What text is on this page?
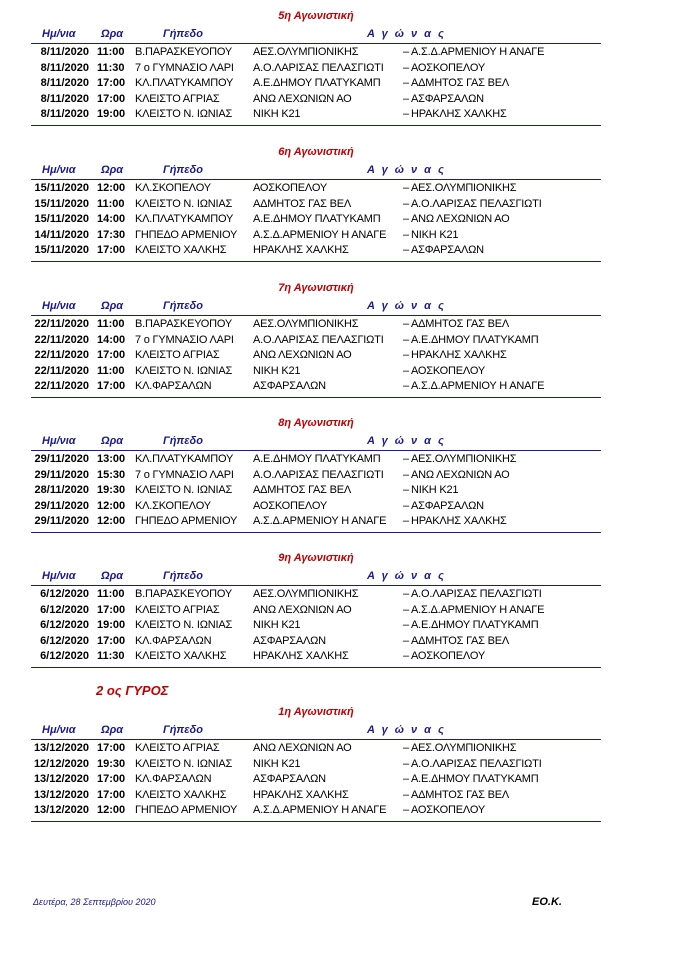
5η Αγωνιστική
Ημ/νια Ωρα	Γήπεδο	Α γ ώ ν α ς
8/11/2020 11:00 Β.ΠΑΡΑΣΚΕΥΟΠΟΥ	ΑΕΣ.ΟΛΥΜΠΙΟΝΙΚΗΣ	– Α.Σ.Δ.ΑΡΜΕΝΙΟΥ Η ΑΝΑΓΕ
8/11/2020 11:30 7 ο ΓΥΜΝΑΣΙΟ ΛΑΡΙ	Α.Ο.ΛΑΡΙΣΑΣ ΠΕΛΑΣΓΙΩΤΙ	– ΑΟΣΚΟΠΕΛΟΥ
8/11/2020 17:00 ΚΛ.ΠΛΑΤΥΚΑΜΠΟΥ	Α.Ε.ΔΗΜΟΥ ΠΛΑΤΥΚΑΜΠ	– ΑΔΜΗΤΟΣ ΓΑΣ ΒΕΛ
8/11/2020 17:00 ΚΛΕΙΣΤΟ ΑΓΡΙΑΣ	ΑΝΩ ΛΕΧΩΝΙΩΝ ΑΟ	– ΑΣΦΑΡΣΑΛΩΝ
8/11/2020 19:00 ΚΛΕΙΣΤΟ Ν. ΙΩΝΙΑΣ	ΝΙΚΗ Κ21	– ΗΡΑΚΛΗΣ ΧΑΛΚΗΣ
6η Αγωνιστική
Ημ/νια Ωρα	Γήπεδο	Α γ ώ ν α ς
15/11/2020 12:00 ΚΛ.ΣΚΟΠΕΛΟΥ	ΑΟΣΚΟΠΕΛΟΥ	– ΑΕΣ.ΟΛΥΜΠΙΟΝΙΚΗΣ
15/11/2020 11:00 ΚΛΕΙΣΤΟ Ν. ΙΩΝΙΑΣ	ΑΔΜΗΤΟΣ ΓΑΣ ΒΕΛ	– Α.Ο.ΛΑΡΙΣΑΣ ΠΕΛΑΣΓΙΩΤΙ
15/11/2020 14:00 ΚΛ.ΠΛΑΤΥΚΑΜΠΟΥ	Α.Ε.ΔΗΜΟΥ ΠΛΑΤΥΚΑΜΠ	– ΑΝΩ ΛΕΧΩΝΙΩΝ ΑΟ
14/11/2020 17:30 ΓΗΠΕΔΟ ΑΡΜΕΝΙΟΥ	Α.Σ.Δ.ΑΡΜΕΝΙΟΥ Η ΑΝΑΓΕ	– ΝΙΚΗ Κ21
15/11/2020 17:00 ΚΛΕΙΣΤΟ ΧΑΛΚΗΣ	ΗΡΑΚΛΗΣ ΧΑΛΚΗΣ	– ΑΣΦΑΡΣΑΛΩΝ
7η Αγωνιστική
Ημ/νια Ωρα	Γήπεδο	Α γ ώ ν α ς
22/11/2020 11:00 Β.ΠΑΡΑΣΚΕΥΟΠΟΥ	ΑΕΣ.ΟΛΥΜΠΙΟΝΙΚΗΣ	– ΑΔΜΗΤΟΣ ΓΑΣ ΒΕΛ
22/11/2020 14:00 7 ο ΓΥΜΝΑΣΙΟ ΛΑΡΙ	Α.Ο.ΛΑΡΙΣΑΣ ΠΕΛΑΣΓΙΩΤΙ	– Α.Ε.ΔΗΜΟΥ ΠΛΑΤΥΚΑΜΠ
22/11/2020 17:00 ΚΛΕΙΣΤΟ ΑΓΡΙΑΣ	ΑΝΩ ΛΕΧΩΝΙΩΝ ΑΟ	– ΗΡΑΚΛΗΣ ΧΑΛΚΗΣ
22/11/2020 11:00 ΚΛΕΙΣΤΟ Ν. ΙΩΝΙΑΣ	ΝΙΚΗ Κ21	– ΑΟΣΚΟΠΕΛΟΥ
22/11/2020 17:00 ΚΛ.ΦΑΡΣΑΛΩΝ	ΑΣΦΑΡΣΑΛΩΝ	– Α.Σ.Δ.ΑΡΜΕΝΙΟΥ Η ΑΝΑΓΕ
8η Αγωνιστική
Ημ/νια Ωρα	Γήπεδο	Α γ ώ ν α ς
29/11/2020 13:00 ΚΛ.ΠΛΑΤΥΚΑΜΠΟΥ	Α.Ε.ΔΗΜΟΥ ΠΛΑΤΥΚΑΜΠ	– ΑΕΣ.ΟΛΥΜΠΙΟΝΙΚΗΣ
29/11/2020 15:30 7 ο ΓΥΜΝΑΣΙΟ ΛΑΡΙ	Α.Ο.ΛΑΡΙΣΑΣ ΠΕΛΑΣΓΙΩΤΙ	– ΑΝΩ ΛΕΧΩΝΙΩΝ ΑΟ
28/11/2020 19:30 ΚΛΕΙΣΤΟ Ν. ΙΩΝΙΑΣ	ΑΔΜΗΤΟΣ ΓΑΣ ΒΕΛ	– ΝΙΚΗ Κ21
29/11/2020 12:00 ΚΛ.ΣΚΟΠΕΛΟΥ	ΑΟΣΚΟΠΕΛΟΥ	– ΑΣΦΑΡΣΑΛΩΝ
29/11/2020 12:00 ΓΗΠΕΔΟ ΑΡΜΕΝΙΟΥ	Α.Σ.Δ.ΑΡΜΕΝΙΟΥ Η ΑΝΑΓΕ	– ΗΡΑΚΛΗΣ ΧΑΛΚΗΣ
9η Αγωνιστική
Ημ/νια Ωρα	Γήπεδο	Α γ ώ ν α ς
6/12/2020 11:00 Β.ΠΑΡΑΣΚΕΥΟΠΟΥ	ΑΕΣ.ΟΛΥΜΠΙΟΝΙΚΗΣ	– Α.Ο.ΛΑΡΙΣΑΣ ΠΕΛΑΣΓΙΩΤΙ
6/12/2020 17:00 ΚΛΕΙΣΤΟ ΑΓΡΙΑΣ	ΑΝΩ ΛΕΧΩΝΙΩΝ ΑΟ	– Α.Σ.Δ.ΑΡΜΕΝΙΟΥ Η ΑΝΑΓΕ
6/12/2020 19:00 ΚΛΕΙΣΤΟ Ν. ΙΩΝΙΑΣ	ΝΙΚΗ Κ21	– Α.Ε.ΔΗΜΟΥ ΠΛΑΤΥΚΑΜΠ
6/12/2020 17:00 ΚΛ.ΦΑΡΣΑΛΩΝ	ΑΣΦΑΡΣΑΛΩΝ	– ΑΔΜΗΤΟΣ ΓΑΣ ΒΕΛ
6/12/2020 11:30 ΚΛΕΙΣΤΟ ΧΑΛΚΗΣ	ΗΡΑΚΛΗΣ ΧΑΛΚΗΣ	– ΑΟΣΚΟΠΕΛΟΥ
1η Αγωνιστική
Ημ/νια Ωρα	Γήπεδο	Α γ ώ ν α ς
13/12/2020 17:00 ΚΛΕΙΣΤΟ ΑΓΡΙΑΣ	ΑΝΩ ΛΕΧΩΝΙΩΝ ΑΟ	– ΑΕΣ.ΟΛΥΜΠΙΟΝΙΚΗΣ
12/12/2020 19:30 ΚΛΕΙΣΤΟ Ν. ΙΩΝΙΑΣ	ΝΙΚΗ Κ21	– Α.Ο.ΛΑΡΙΣΑΣ ΠΕΛΑΣΓΙΩΤΙ
13/12/2020 17:00 ΚΛ.ΦΑΡΣΑΛΩΝ	ΑΣΦΑΡΣΑΛΩΝ	– Α.Ε.ΔΗΜΟΥ ΠΛΑΤΥΚΑΜΠ
13/12/2020 17:00 ΚΛΕΙΣΤΟ ΧΑΛΚΗΣ	ΗΡΑΚΛΗΣ ΧΑΛΚΗΣ	– ΑΔΜΗΤΟΣ ΓΑΣ ΒΕΛ
13/12/2020 12:00 ΓΗΠΕΔΟ ΑΡΜΕΝΙΟΥ	Α.Σ.Δ.ΑΡΜΕΝΙΟΥ Η ΑΝΑΓΕ	– ΑΟΣΚΟΠΕΛΟΥ
2 ος ΓΥΡΟΣ
Δευτέρα, 28 Σεπτεμβρίου 2020	ΕΟ.Κ.
